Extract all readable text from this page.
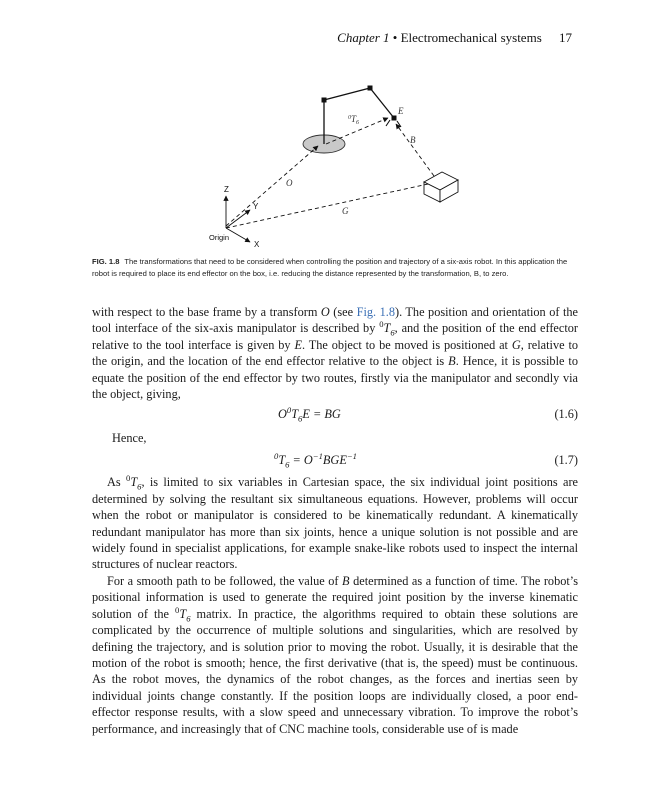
Chapter 1 • Electromechanical systems 17
$^0T_6$
E
B
O
G
Z
Y
X
Origin
FIG. 1.8 The transformations that need to be considered when controlling the position and trajectory of a six-axis robot. In this application the robot is required to place its end effector on the box, i.e. reducing the distance represented by the transformation, B, to zero.

with respect to the base frame by a transform O (see Fig. 1.8). The position and orientation of the tool interface of the six-axis manipulator is described by $^0T_6$, and the position of the end effector relative to the tool interface is given by E. The object to be moved is positioned at G, relative to the origin, and the location of the end effector relative to the object is B. Hence, it is possible to equate the position of the end effector by two routes, firstly via the manipulator and secondly via the object, giving,

$O^0T_6E$ = BG	(1.6)
Hence,
$^0T_6 = O^{-1}BGE^{-1}$	(1.7)

As $^0T_6$, is limited to six variables in Cartesian space, the six individual joint positions are determined by solving the resultant six simultaneous equations. However, problems will occur when the robot or manipulator is considered to be kinematically redundant. A kinematically redundant manipulator has more than six joints, hence a unique solution is not possible and are widely found in specialist applications, for example snake-like robots used to inspect the internal structures of nuclear reactors.

For a smooth path to be followed, the value of B determined as a function of time. The robot’s positional information is used to generate the required joint position by the inverse kinematic solution of the $^0T_6$ matrix. In practice, the algorithms required to obtain these solutions are complicated by the occurrence of multiple solutions and singularities, which are resolved by defining the trajectory, and is solution prior to moving the robot. Usually, it is desirable that the motion of the robot is smooth; hence, the first derivative (that is, the speed) must be continuous. As the robot moves, the dynamics of the robot changes, as the forces and inertias seen by individual joints change constantly. If the position loops are individually closed, a poor end-effector response results, with a slow speed and unnecessary vibration. To improve the robot’s performance, and increasingly that of CNC machine tools, considerable use of is made
